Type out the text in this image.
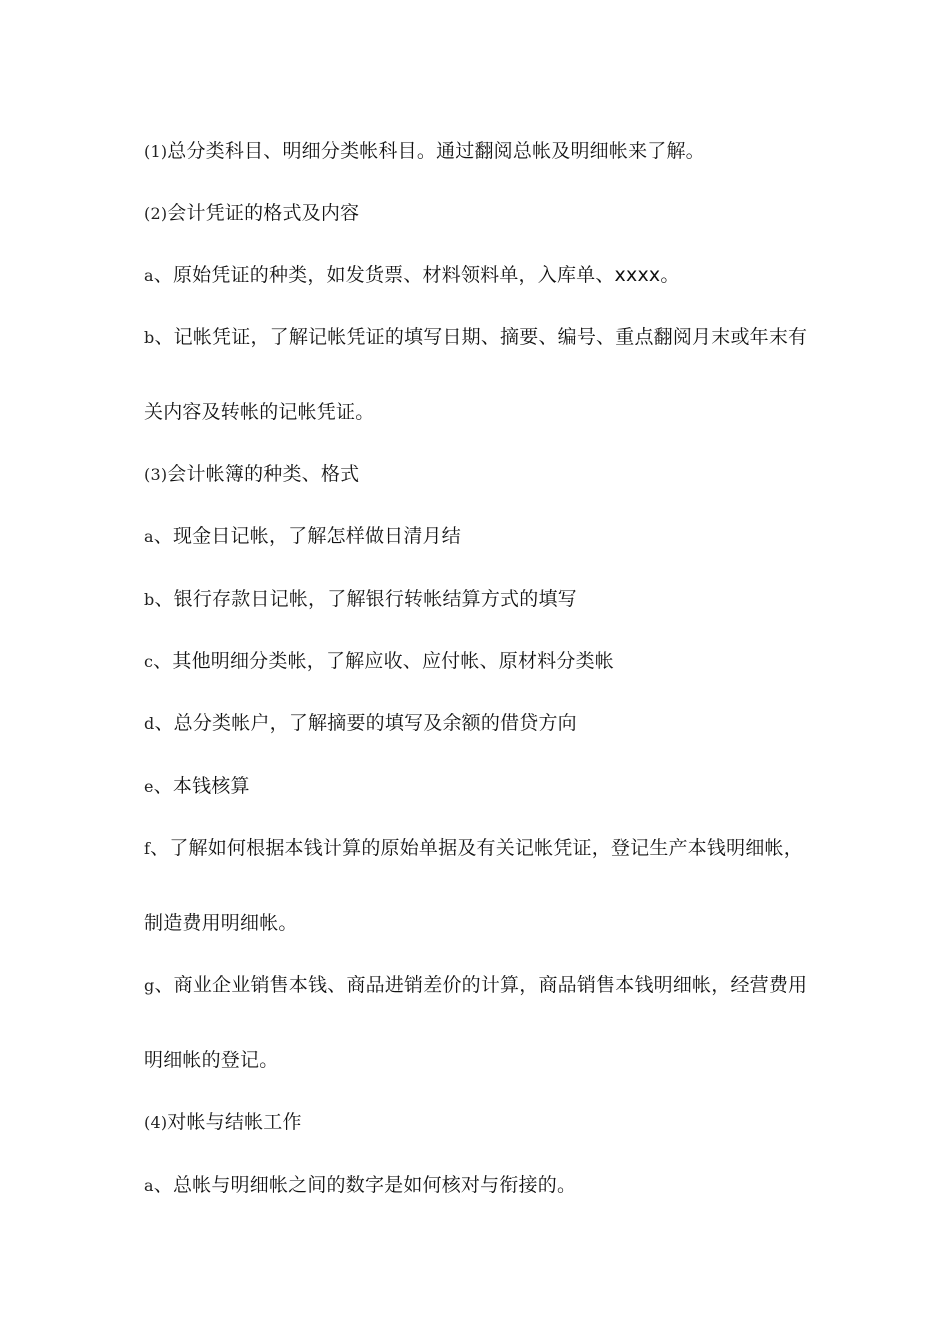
(1)总分类科目、明细分类帐科目。通过翻阅总帐及明细帐来了解。
(2)会计凭证的格式及内容
a、原始凭证的种类，如发货票、材料领料单，入库单、xxxx。
b、记帐凭证，了解记帐凭证的填写日期、摘要、编号、重点翻阅月末或年末有
关内容及转帐的记帐凭证。
(3)会计帐簿的种类、格式
a、现金日记帐，了解怎样做日清月结
b、银行存款日记帐，了解银行转帐结算方式的填写
c、其他明细分类帐，了解应收、应付帐、原材料分类帐
d、总分类帐户，了解摘要的填写及余额的借贷方向
e、本钱核算
f、了解如何根据本钱计算的原始单据及有关记帐凭证，登记生产本钱明细帐，
制造费用明细帐。
g、商业企业销售本钱、商品进销差价的计算，商品销售本钱明细帐，经营费用
明细帐的登记。
(4)对帐与结帐工作
a、总帐与明细帐之间的数字是如何核对与衔接的。
